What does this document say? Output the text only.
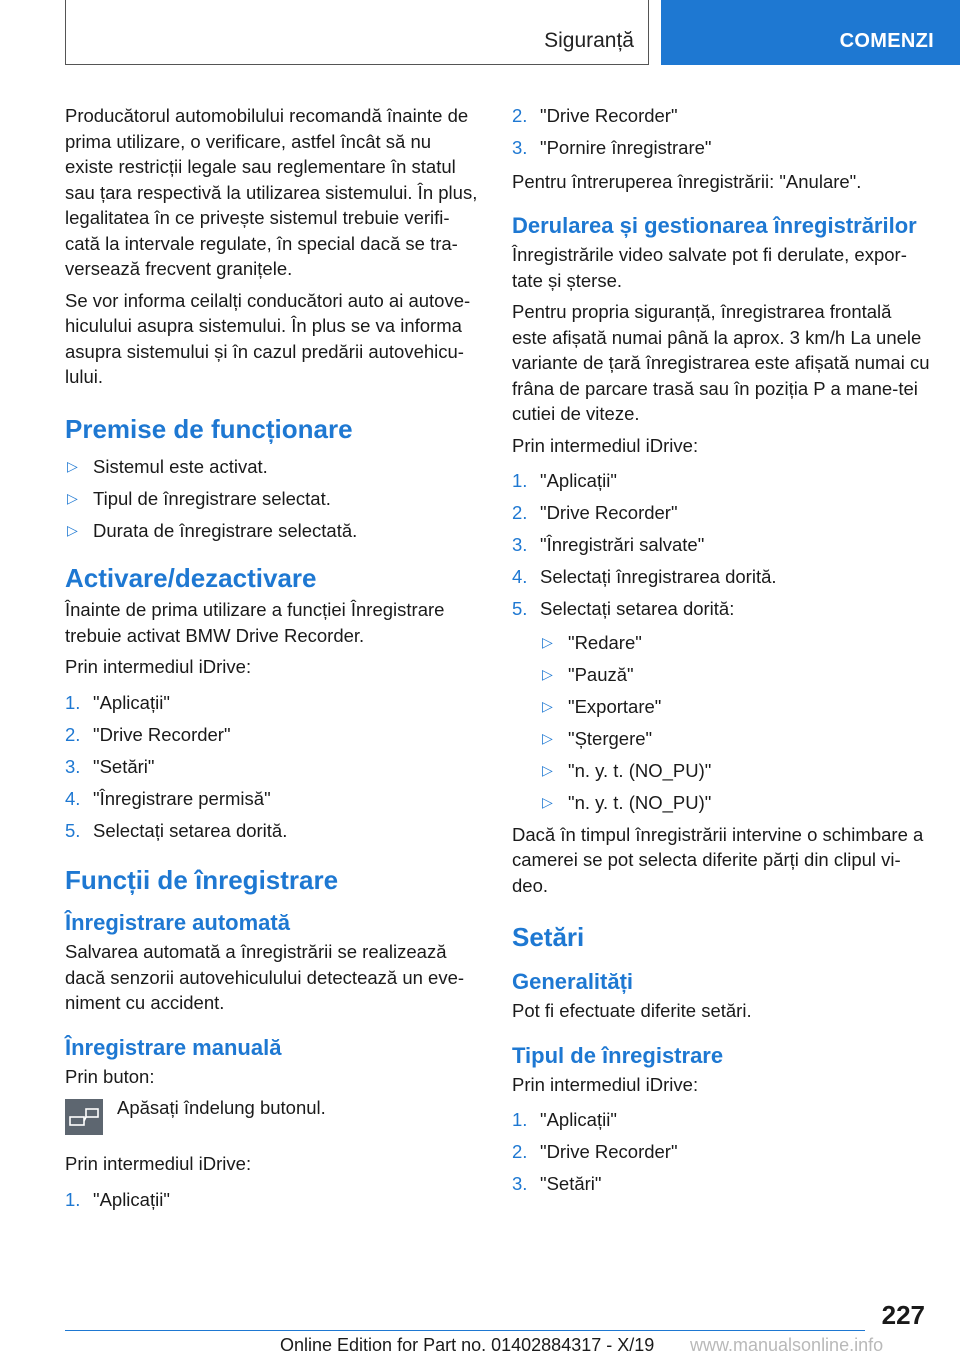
Siguranță	COMENZI

Producătorul automobilului recomandă înainte de prima utilizare, o verificare, astfel încât să nu existe restricții legale sau reglementare în statul sau țara respectivă la utilizarea sistemului. În plus, legalitatea în ce privește sistemul trebuie verifi-cată la intervale regulate, în special dacă se tra-versează frecvent granițele.

Se vor informa ceilalți conducători auto ai autove-hiculului asupra sistemului. În plus se va informa asupra sistemului și în cazul predării autovehicu-lului.

Premise de funcționare
▷ Sistemul este activat.
▷ Tipul de înregistrare selectat.
▷ Durata de înregistrare selectată.
Activare/dezactivare

Înainte de prima utilizare a funcției Înregistrare trebuie activat BMW Drive Recorder.

Prin intermediul iDrive:

1. "Aplicații"
2. "Drive Recorder"
3. "Setări"
4. "Înregistrare permisă"
5. Selectați setarea dorită.
Funcții de înregistrare
Înregistrare automată

Salvarea automată a înregistrării se realizează dacă senzorii autovehiculului detectează un eve-niment cu accident.

Înregistrare manuală

Prin buton:

Apăsați îndelung butonul.

Prin intermediul iDrive:

1. "Aplicații"
2. "Drive Recorder"
3. "Pornire înregistrare"

Pentru întreruperea înregistrării: "Anulare".

Derularea și gestionarea înregistrărilor

Înregistrările video salvate pot fi derulate, expor-tate și șterse.

Pentru propria siguranță, înregistrarea frontală este afișată numai până la aprox. 3 km/h La unele variante de țară înregistrarea este afișată numai cu frâna de parcare trasă sau în poziția P a mane-tei cutiei de viteze.

Prin intermediul iDrive:

1. "Aplicații"
2. "Drive Recorder"
3. "Înregistrări salvate"
4. Selectați înregistrarea dorită.
5. Selectați setarea dorită:
▷ "Redare"
▷ "Pauză"
▷ "Exportare"
▷ "Ștergere"
▷ "n. y. t. (NO_PU)"
▷ "n. y. t. (NO_PU)"

Dacă în timpul înregistrării intervine o schimbare a camerei se pot selecta diferite părți din clipul vi-deo.

Setări
Generalități

Pot fi efectuate diferite setări.

Tipul de înregistrare

Prin intermediul iDrive:

1. "Aplicații"
2. "Drive Recorder"
3. "Setări"
227
Online Edition for Part no. 01402884317 - X/19 www.manualsonline.info
